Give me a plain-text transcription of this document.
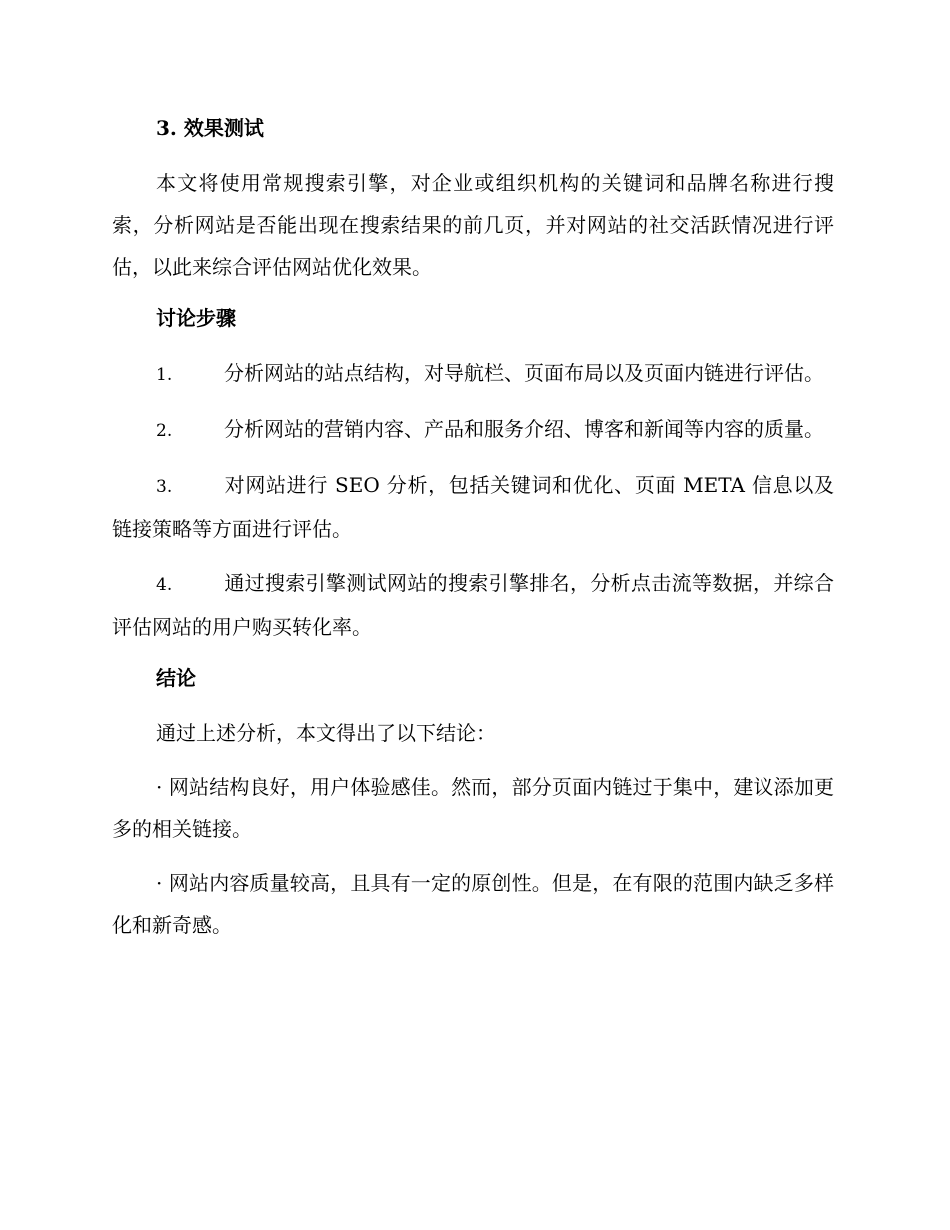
3. 效果测试

本文将使用常规搜索引擎，对企业或组织机构的关键词和品牌名称进行搜索，分析网站是否能出现在搜索结果的前几页，并对网站的社交活跃情况进行评估，以此来综合评估网站优化效果。

讨论步骤

1.	分析网站的站点结构，对导航栏、页面布局以及页面内链进行评估。

2.	分析网站的营销内容、产品和服务介绍、博客和新闻等内容的质量。

3.	对网站进行 SEO 分析，包括关键词和优化、页面 META 信息以及链接策略等方面进行评估。

4.	通过搜索引擎测试网站的搜索引擎排名，分析点击流等数据，并综合评估网站的用户购买转化率。

结论

通过上述分析，本文得出了以下结论：

· 网站结构良好，用户体验感佳。然而，部分页面内链过于集中，建议添加更多的相关链接。

· 网站内容质量较高，且具有一定的原创性。但是，在有限的范围内缺乏多样化和新奇感。
